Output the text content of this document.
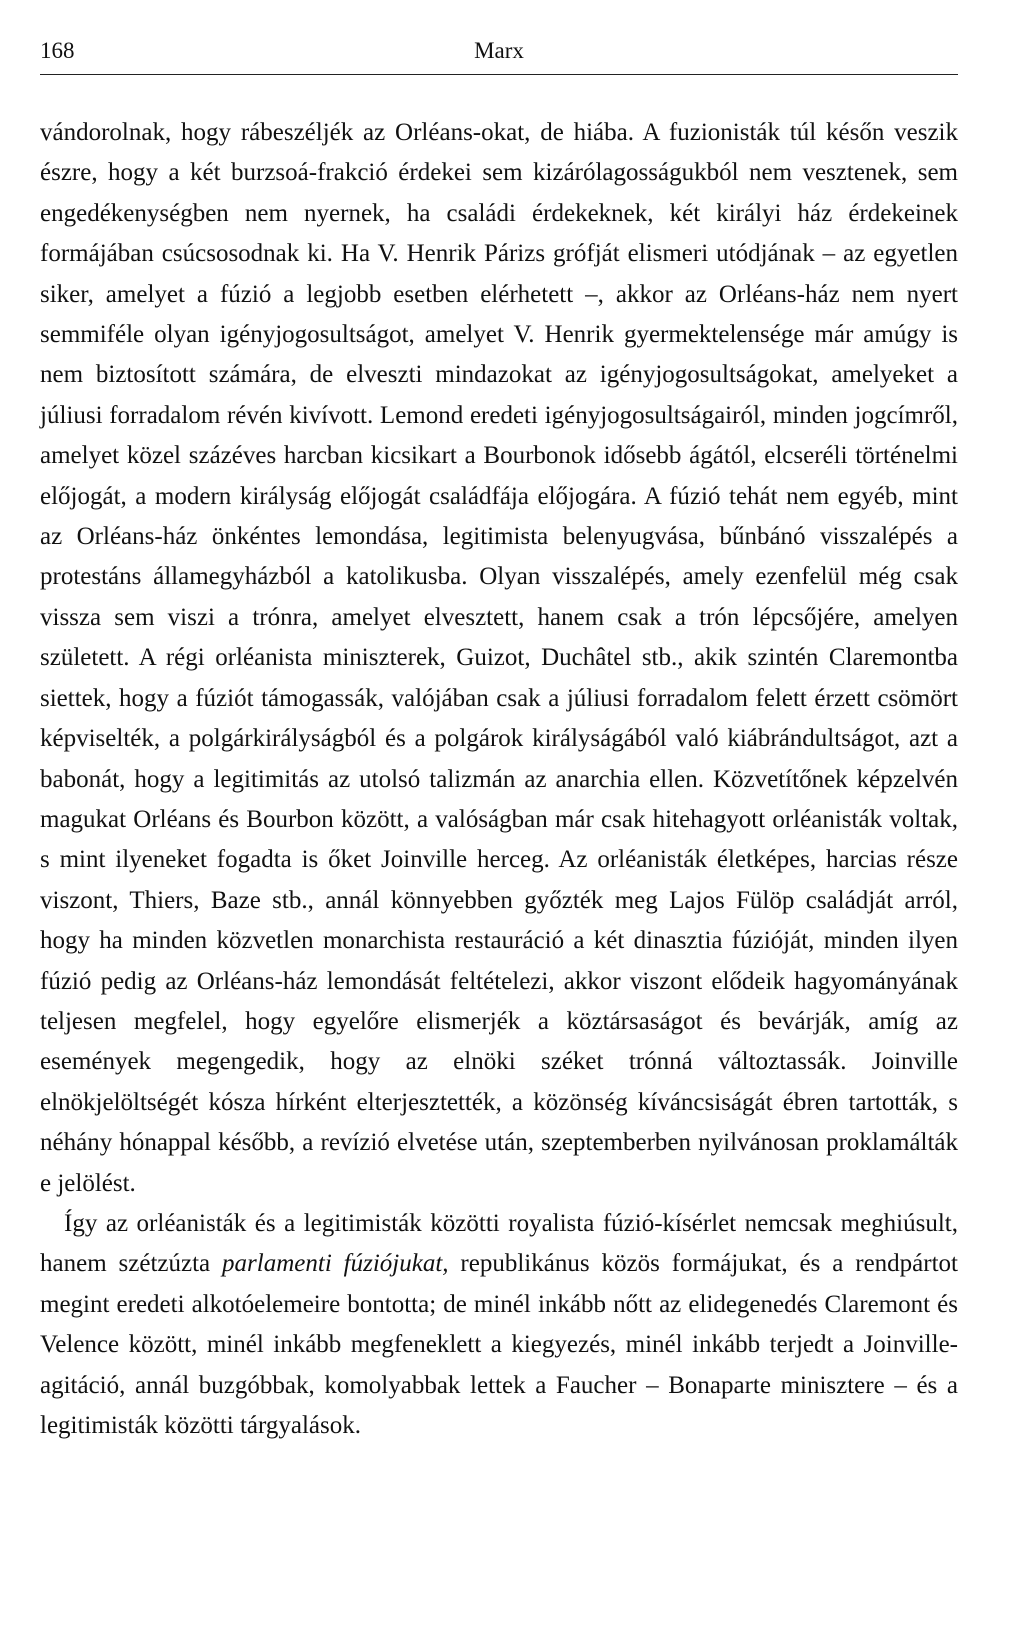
168	Marx

vándorolnak, hogy rábeszéljék az Orléans-okat, de hiába. A fuzionisták túl későn veszik észre, hogy a két burzsoá-frakció érdekei sem kizárólagosságukból nem vesztenek, sem engedékenységben nem nyernek, ha családi érdekeknek, két királyi ház érdekeinek formájában csúcsosodnak ki. Ha V. Henrik Párizs grófját elismeri utódjának – az egyetlen siker, amelyet a fúzió a legjobb esetben elérhetett –, akkor az Orléans-ház nem nyert semmiféle olyan igényjogosultságot, amelyet V. Henrik gyermektelensége már amúgy is nem biztosított számára, de elveszti mindazokat az igényjogosultságokat, amelyeket a júliusi forradalom révén kivívott. Lemond eredeti igényjogosultságairól, minden jogcímről, amelyet közel százéves harcban kicsikart a Bourbonok idősebb ágától, elcseréli történelmi előjogát, a modern királyság előjogát családfája előjogára. A fúzió tehát nem egyéb, mint az Orléans-ház önkéntes lemondása, legitimista belenyugvása, bűnbánó visszalépés a protestáns államegyházból a katolikusba. Olyan visszalépés, amely ezenfelül még csak vissza sem viszi a trónra, amelyet elvesztett, hanem csak a trón lépcsőjére, amelyen született. A régi orléanista miniszterek, Guizot, Duchâtel stb., akik szintén Claremontba siettek, hogy a fúziót támogassák, valójában csak a júliusi forradalom felett érzett csömört képviselték, a polgárkirályságból és a polgárok királyságából való kiábrándultságot, azt a babonát, hogy a legitimitás az utolsó talizmán az anarchia ellen. Közvetítőnek képzelvén magukat Orléans és Bourbon között, a valóságban már csak hitehagyott orléanisták voltak, s mint ilyeneket fogadta is őket Joinville herceg. Az orléanisták életképes, harcias része viszont, Thiers, Baze stb., annál könnyebben győzték meg Lajos Fülöp családját arról, hogy ha minden közvetlen monarchista restauráció a két dinasztia fúzióját, minden ilyen fúzió pedig az Orléans-ház lemondását feltételezi, akkor viszont elődeik hagyományának teljesen megfelel, hogy egyelőre elismerjék a köztársaságot és bevárják, amíg az események megengedik, hogy az elnöki széket trónná változtassák. Joinville elnökjelöltségét kósza hírként elterjesztették, a közönség kíváncsiságát ébren tartották, s néhány hónappal később, a revízió elvetése után, szeptemberben nyilvánosan proklamálták e jelölést.

Így az orléanisták és a legitimisták közötti royalista fúzió-kísérlet nemcsak meghiúsult, hanem szétzúzta parlamenti fúziójukat, republikánus közös formájukat, és a rendpártot megint eredeti alkotóelemeire bontotta; de minél inkább nőtt az elidegenedés Claremont és Velence között, minél inkább megfeneklett a kiegyezés, minél inkább terjedt a Joinville-agitáció, annál buzgóbbak, komolyabbak lettek a Faucher – Bonaparte minisztere – és a legitimisták közötti tárgyalások.
